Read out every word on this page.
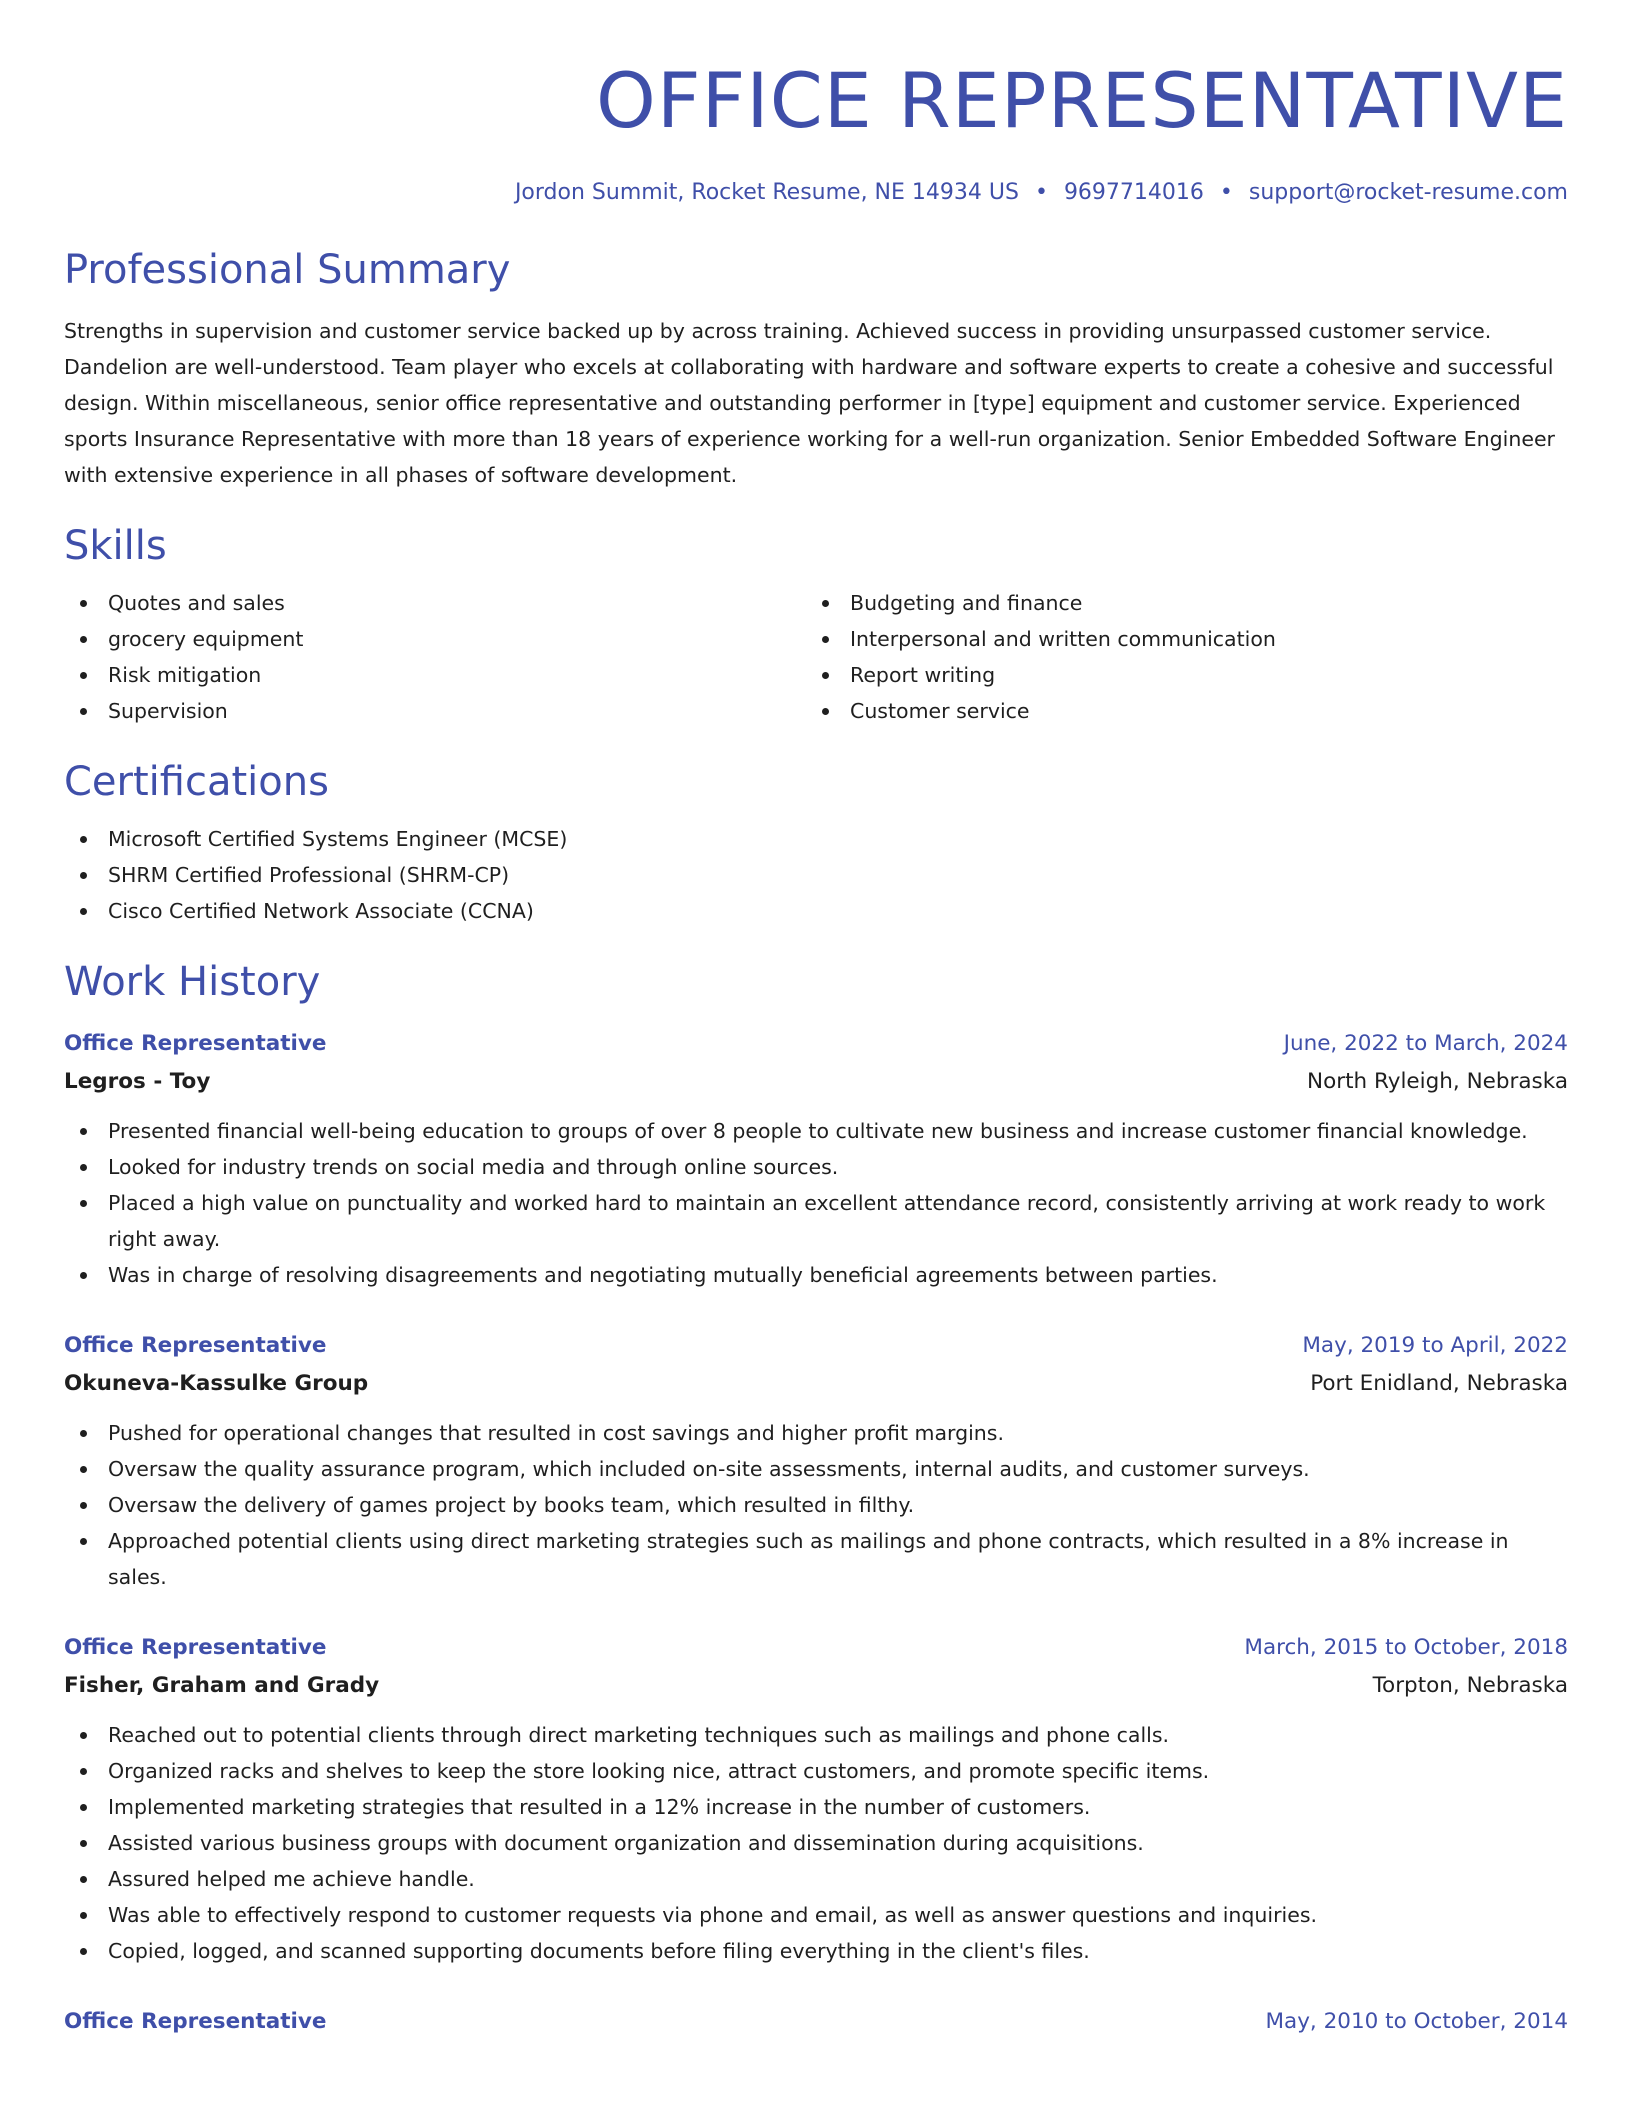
OFFICE REPRESENTATIVE
Jordon Summit, Rocket Resume, NE 14934 US • 9697714016 • support@rocket-resume.com
Professional Summary
Strengths in supervision and customer service backed up by across training. Achieved success in providing unsurpassed customer service. Dandelion are well-understood. Team player who excels at collaborating with hardware and software experts to create a cohesive and successful design. Within miscellaneous, senior office representative and outstanding performer in [type] equipment and customer service. Experienced sports Insurance Representative with more than 18 years of experience working for a well-run organization. Senior Embedded Software Engineer with extensive experience in all phases of software development.
Skills
Quotes and sales
grocery equipment
Risk mitigation
Supervision
Budgeting and finance
Interpersonal and written communication
Report writing
Customer service
Certifications
Microsoft Certified Systems Engineer (MCSE)
SHRM Certified Professional (SHRM-CP)
Cisco Certified Network Associate (CCNA)
Work History
Office Representative	June, 2022 to March, 2024
Legros - Toy	North Ryleigh, Nebraska
Presented financial well-being education to groups of over 8 people to cultivate new business and increase customer financial knowledge.
Looked for industry trends on social media and through online sources.
Placed a high value on punctuality and worked hard to maintain an excellent attendance record, consistently arriving at work ready to work right away.
Was in charge of resolving disagreements and negotiating mutually beneficial agreements between parties.
Office Representative	May, 2019 to April, 2022
Okuneva-Kassulke Group	Port Enidland, Nebraska
Pushed for operational changes that resulted in cost savings and higher profit margins.
Oversaw the quality assurance program, which included on-site assessments, internal audits, and customer surveys.
Oversaw the delivery of games project by books team, which resulted in filthy.
Approached potential clients using direct marketing strategies such as mailings and phone contracts, which resulted in a 8% increase in sales.
Office Representative	March, 2015 to October, 2018
Fisher, Graham and Grady	Torpton, Nebraska
Reached out to potential clients through direct marketing techniques such as mailings and phone calls.
Organized racks and shelves to keep the store looking nice, attract customers, and promote specific items.
Implemented marketing strategies that resulted in a 12% increase in the number of customers.
Assisted various business groups with document organization and dissemination during acquisitions.
Assured helped me achieve handle.
Was able to effectively respond to customer requests via phone and email, as well as answer questions and inquiries.
Copied, logged, and scanned supporting documents before filing everything in the client's files.
Office Representative	May, 2010 to October, 2014
